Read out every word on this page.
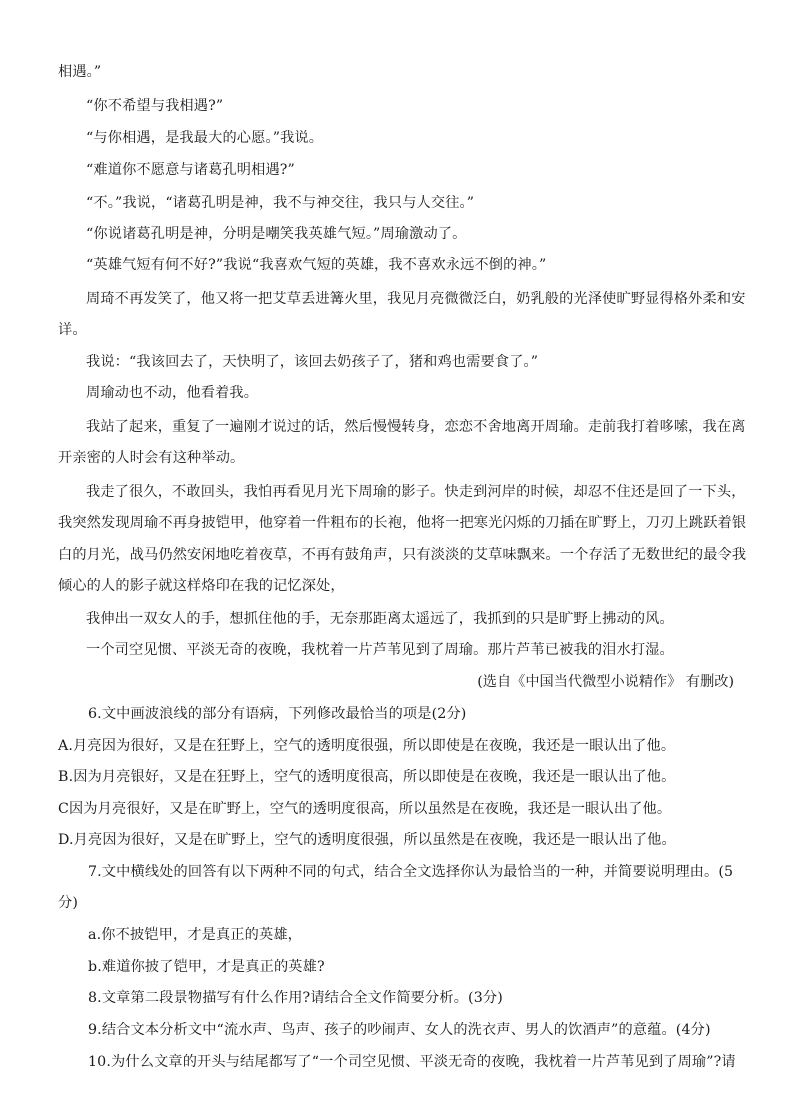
相遇。”
“你不希望与我相遇?”
“与你相遇，是我最大的心愿。”我说。
“难道你不愿意与诸葛孔明相遇?”
“不。”我说，“诸葛孔明是神，我不与神交往，我只与人交往。”
“你说诸葛孔明是神，分明是嘲笑我英雄气短。”周瑜激动了。
“英雄气短有何不好?”我说“我喜欢气短的英雄，我不喜欢永远不倒的神。”
周琦不再发笑了，他又将一把艾草丢进篝火里，我见月亮微微泛白，奶乳般的光泽使旷野显得格外柔和安
详。
我说：“我该回去了，天快明了，该回去奶孩子了，猪和鸡也需要食了。”
周瑜动也不动，他看着我。
我站了起来，重复了一遍刚才说过的话，然后慢慢转身，恋恋不舍地离开周瑜。走前我打着哆嗦，我在离
开亲密的人时会有这种举动。
我走了很久，不敢回头，我怕再看见月光下周瑜的影子。快走到河岸的时候，却忍不住还是回了一下头，
我突然发现周瑜不再身披铠甲，他穿着一件粗布的长袍，他将一把寒光闪烁的刀插在旷野上，刀刃上跳跃着银
白的月光，战马仍然安闲地吃着夜草，不再有鼓角声，只有淡淡的艾草味飘来。一个存活了无数世纪的最令我
倾心的人的影子就这样烙印在我的记忆深处，
我伸出一双女人的手，想抓住他的手，无奈那距离太遥远了，我抓到的只是旷野上拂动的风。
一个司空见惯、平淡无奇的夜晚，我枕着一片芦苇见到了周瑜。那片芦苇已被我的泪水打湿。
(选自《中国当代微型小说精作》 有删改)
6.文中画波浪线的部分有语病，下列修改最恰当的项是(2分)
A.月亮因为很好，又是在狂野上，空气的透明度很强，所以即使是在夜晚，我还是一眼认出了他。
B.因为月亮银好，又是在狂野上，空气的透明度很高，所以即使是在夜晚，我还是一眼认出了他。
C因为月亮很好，又是在旷野上，空气的透明度很高，所以虽然是在夜晚，我还是一眼认出了他。
D.月亮因为很好，又是在旷野上，空气的透明度很强，所以虽然是在夜晚，我还是一眼认出了他。
7.文中横线处的回答有以下两种不同的句式，结合全文选择你认为最恰当的一种，并简要说明理由。(5
分)
a.你不披铠甲，才是真正的英雄，
b.难道你披了铠甲，才是真正的英雄?
8.文章第二段景物描写有什么作用?请结合全文作简要分析。(3分)
9.结合文本分析文中“流水声、鸟声、孩子的吵闹声、女人的洗衣声、男人的饮酒声”的意蕴。(4分)
10.为什么文章的开头与结尾都写了“一个司空见惯、平淡无奇的夜晚，我枕着一片芦苇见到了周瑜”?请
